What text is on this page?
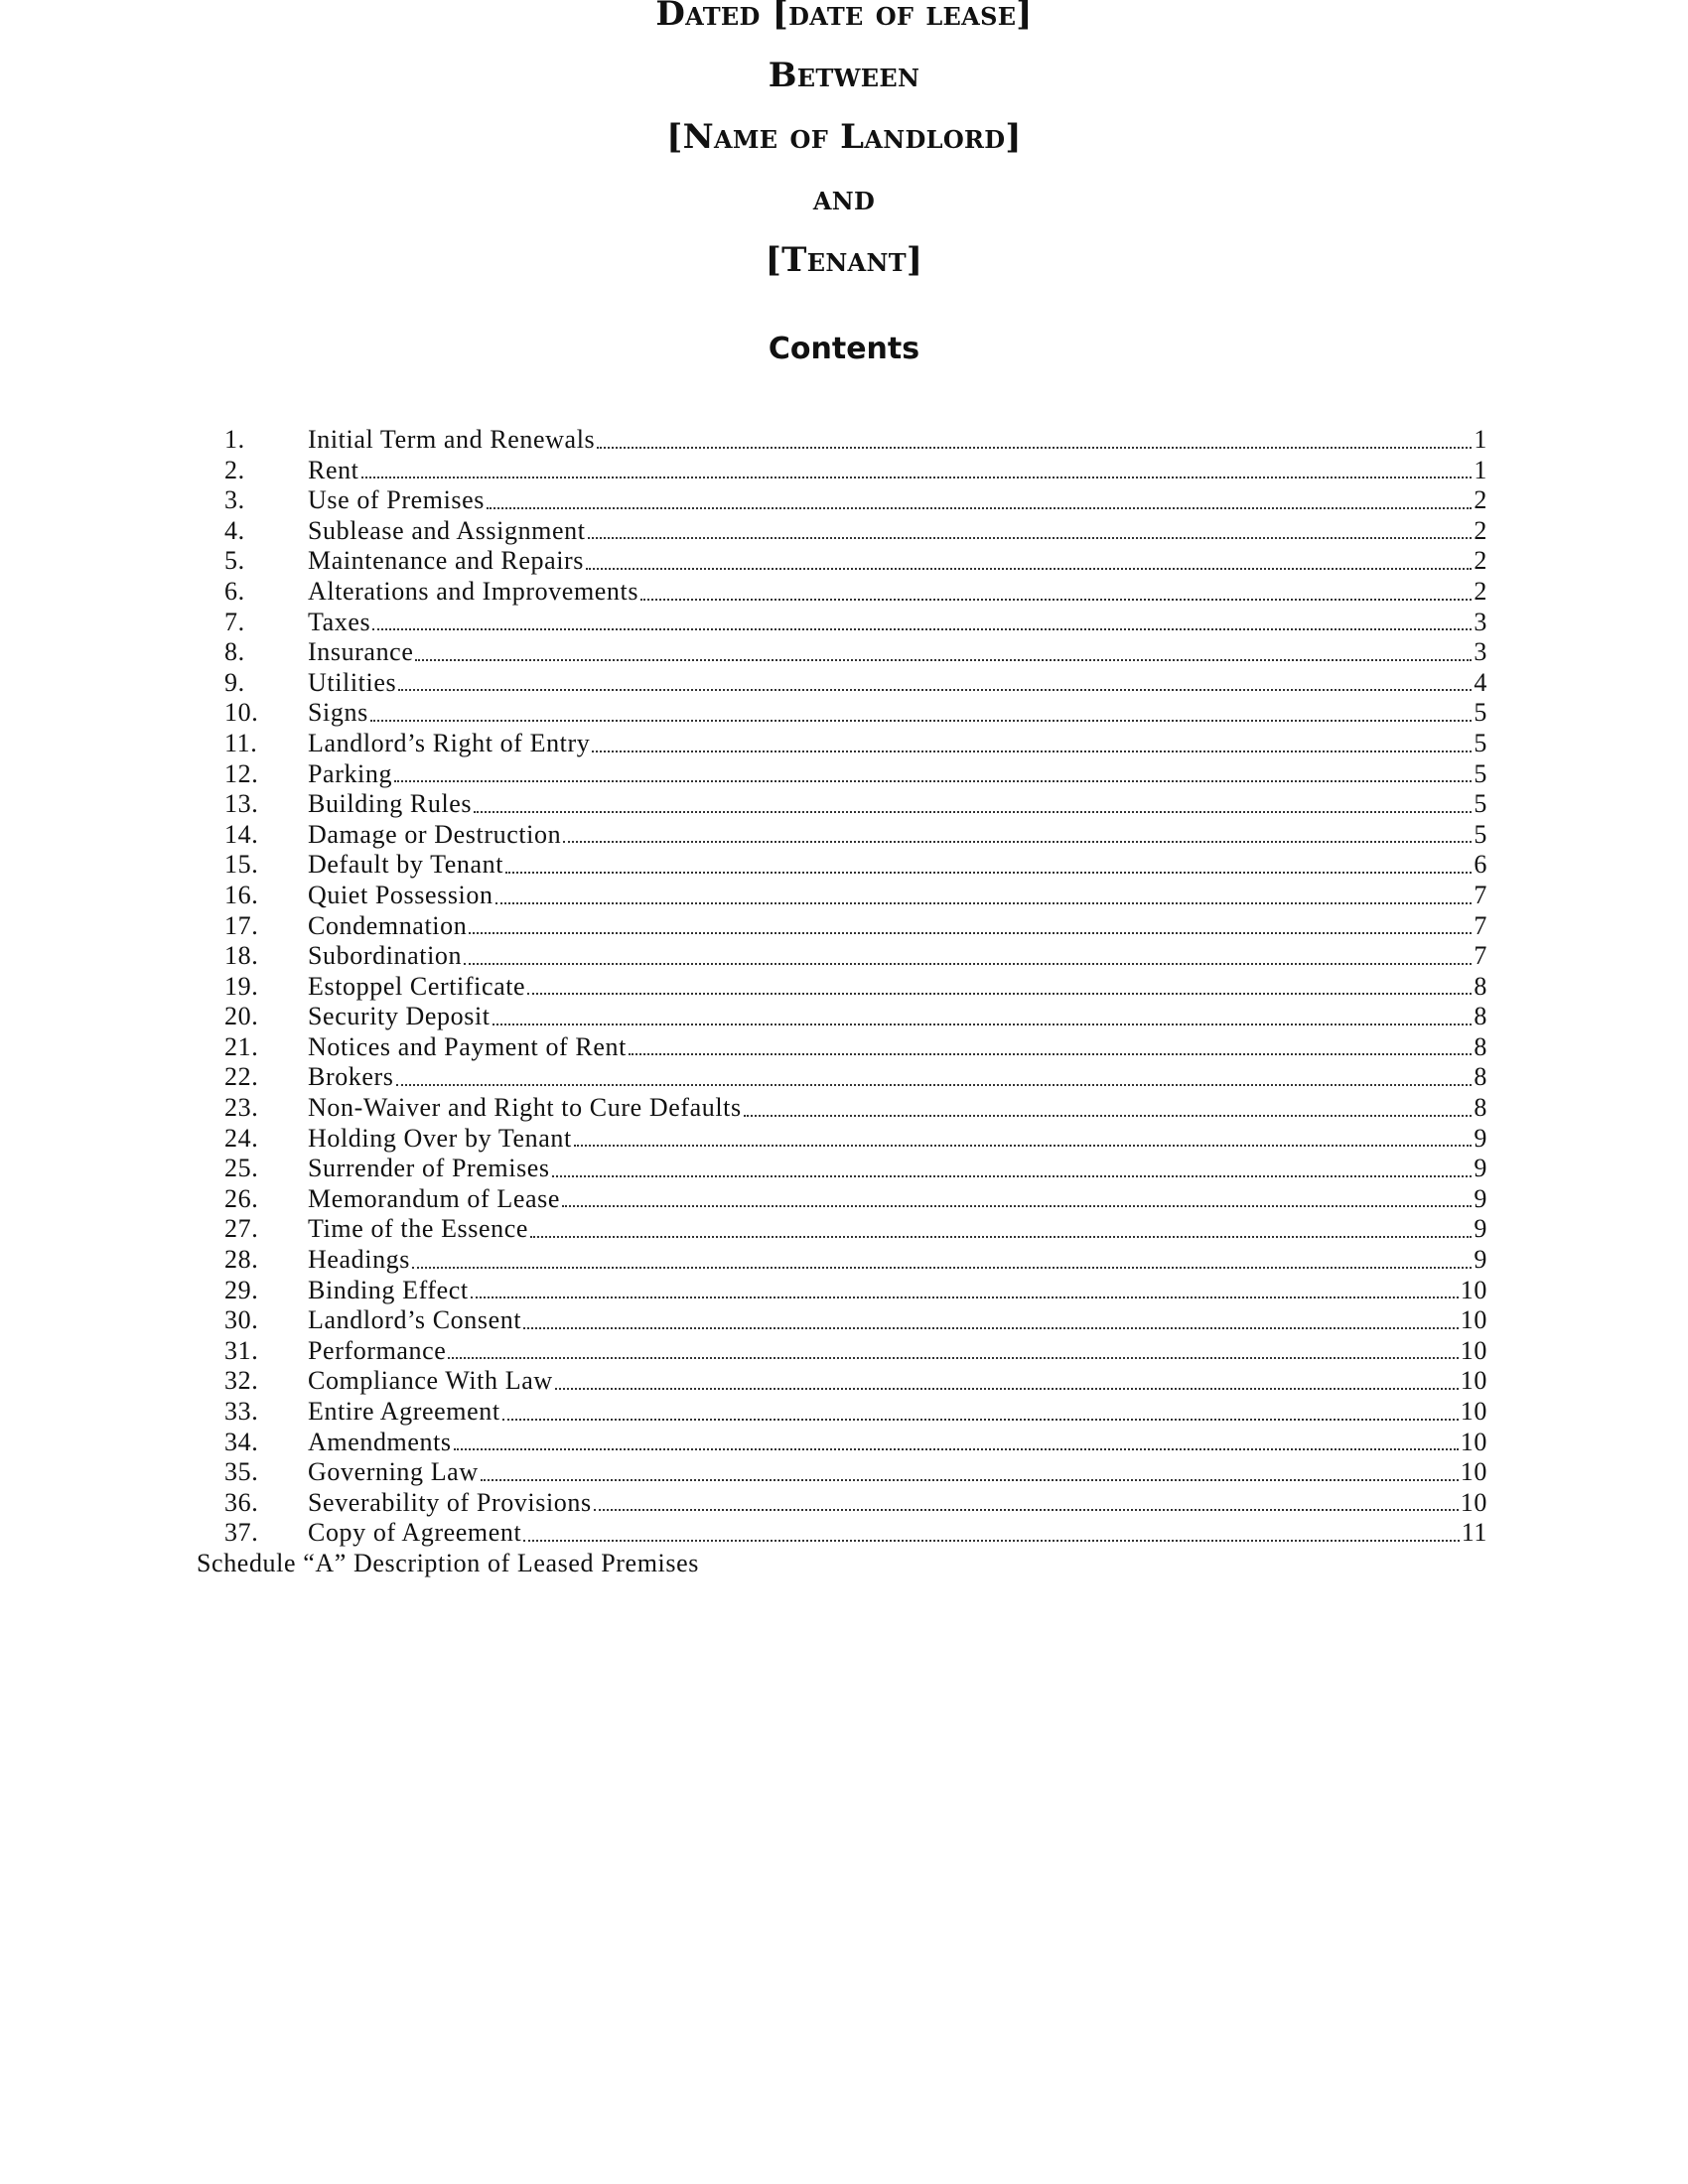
Dated [date of lease]
Between
[Name of Landlord]
and
[Tenant]
Contents
1.	Initial Term and Renewals	1
2.	Rent	1
3.	Use of Premises	2
4.	Sublease and Assignment	2
5.	Maintenance and Repairs	2
6.	Alterations and Improvements	2
7.	Taxes	3
8.	Insurance	3
9.	Utilities	4
10.	Signs	5
11.	Landlord’s Right of Entry	5
12.	Parking	5
13.	Building Rules	5
14.	Damage or Destruction	5
15.	Default by Tenant	6
16.	Quiet Possession	7
17.	Condemnation	7
18.	Subordination	7
19.	Estoppel Certificate	8
20.	Security Deposit	8
21.	Notices and Payment of Rent	8
22.	Brokers	8
23.	Non-Waiver and Right to Cure Defaults	8
24.	Holding Over by Tenant	9
25.	Surrender of Premises	9
26.	Memorandum of Lease	9
27.	Time of the Essence	9
28.	Headings	9
29.	Binding Effect	10
30.	Landlord’s Consent	10
31.	Performance	10
32.	Compliance With Law	10
33.	Entire Agreement	10
34.	Amendments	10
35.	Governing Law	10
36.	Severability of Provisions	10
37.	Copy of Agreement	11
Schedule “A” Description of Leased Premises
